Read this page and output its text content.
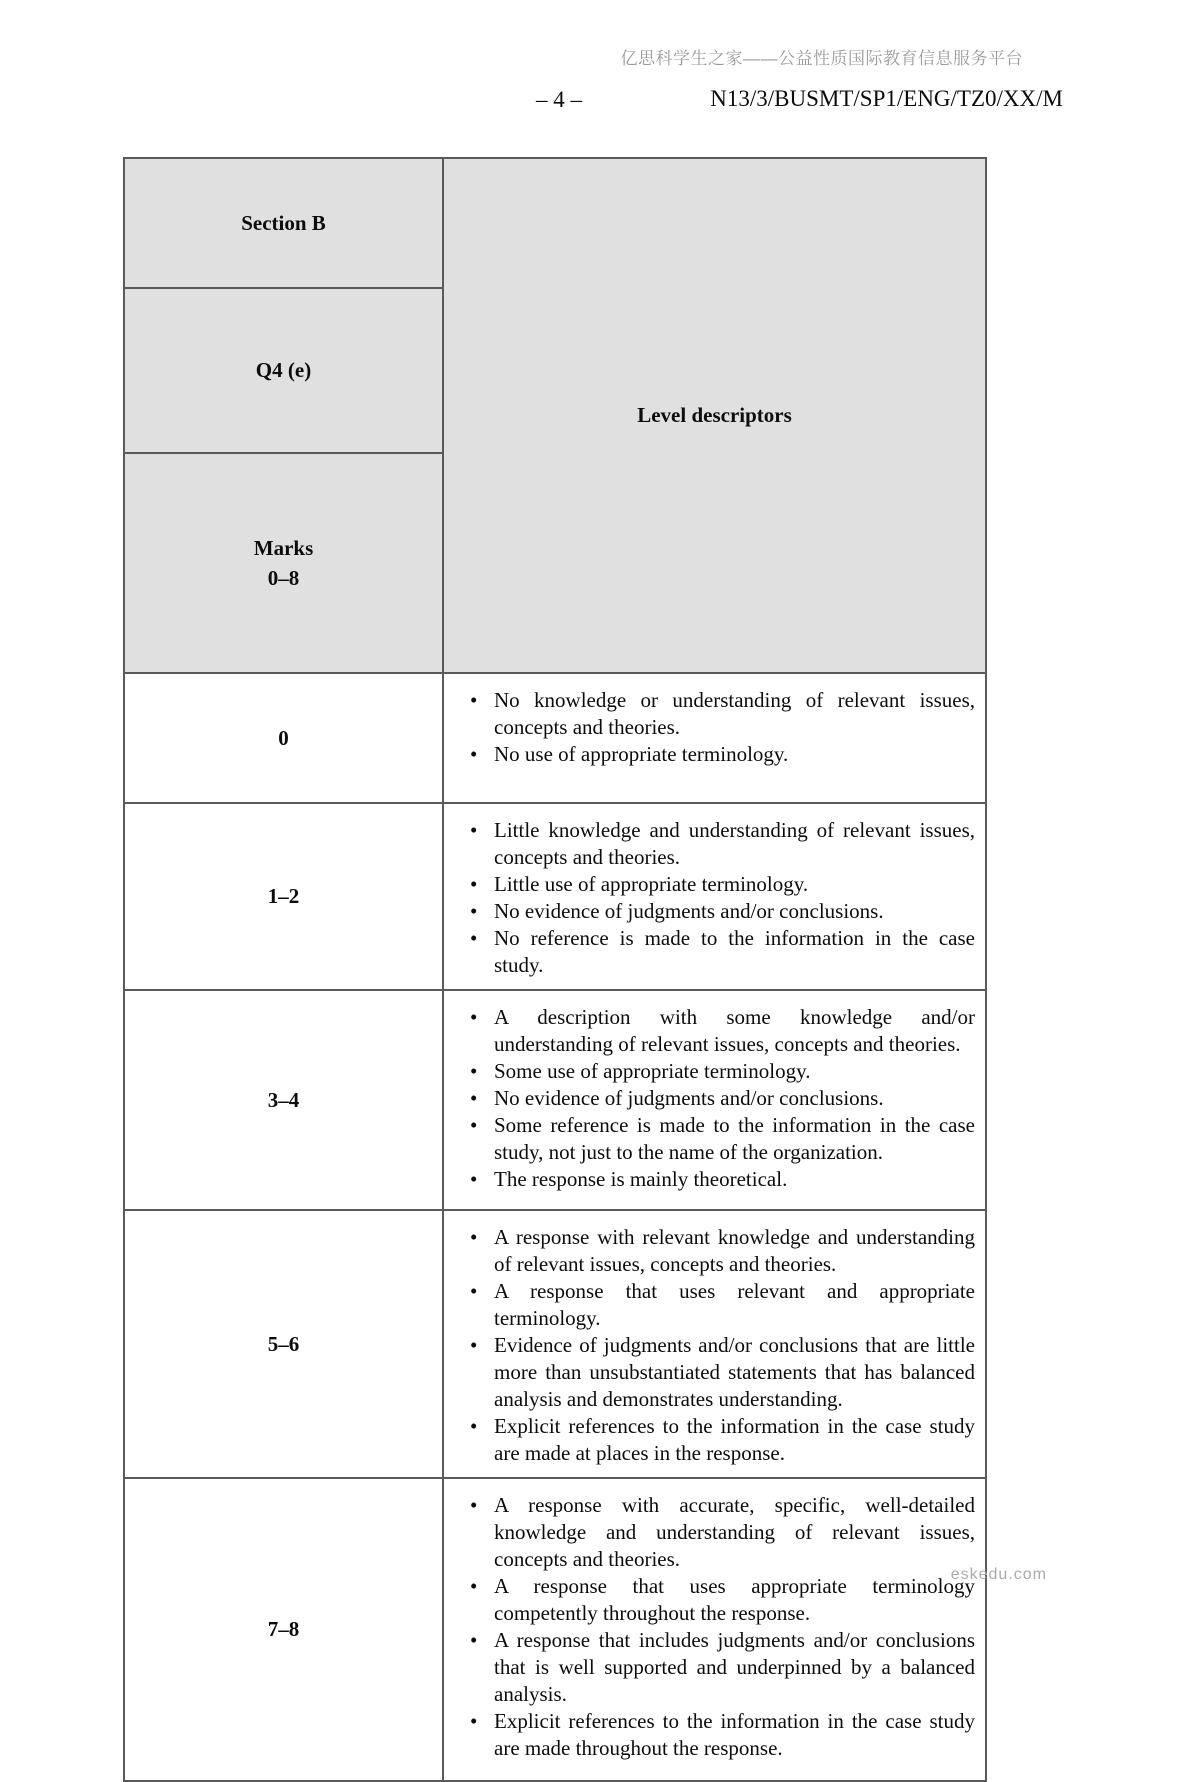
亿思科学生之家——公益性质国际教育信息服务平台
– 4 –	N13/3/BUSMT/SP1/ENG/TZ0/XX/M
Section B	Level descriptors
Q4 (e)	

Marks
0–8	

0	
• No knowledge or understanding of relevant issues, concepts and theories.
• No use of appropriate terminology.

1–2	
• Little knowledge and understanding of relevant issues, concepts and theories.
• Little use of appropriate terminology.
• No evidence of judgments and/or conclusions.
• No reference is made to the information in the case study.

3–4	
• A description with some knowledge and/or understanding of relevant issues, concepts and theories.
• Some use of appropriate terminology.
• No evidence of judgments and/or conclusions.
• Some reference is made to the information in the case study, not just to the name of the organization.
• The response is mainly theoretical.

5–6	
• A response with relevant knowledge and understanding of relevant issues, concepts and theories.
• A response that uses relevant and appropriate terminology.
• Evidence of judgments and/or conclusions that are little more than unsubstantiated statements that has balanced analysis and demonstrates understanding.
• Explicit references to the information in the case study are made at places in the response.

7–8	
• A response with accurate, specific, well-detailed knowledge and understanding of relevant issues, concepts and theories.
• A response that uses appropriate terminology competently throughout the response.
• A response that includes judgments and/or conclusions that is well supported and underpinned by a balanced analysis.
• Explicit references to the information in the case study are made throughout the response.
eskedu.com
